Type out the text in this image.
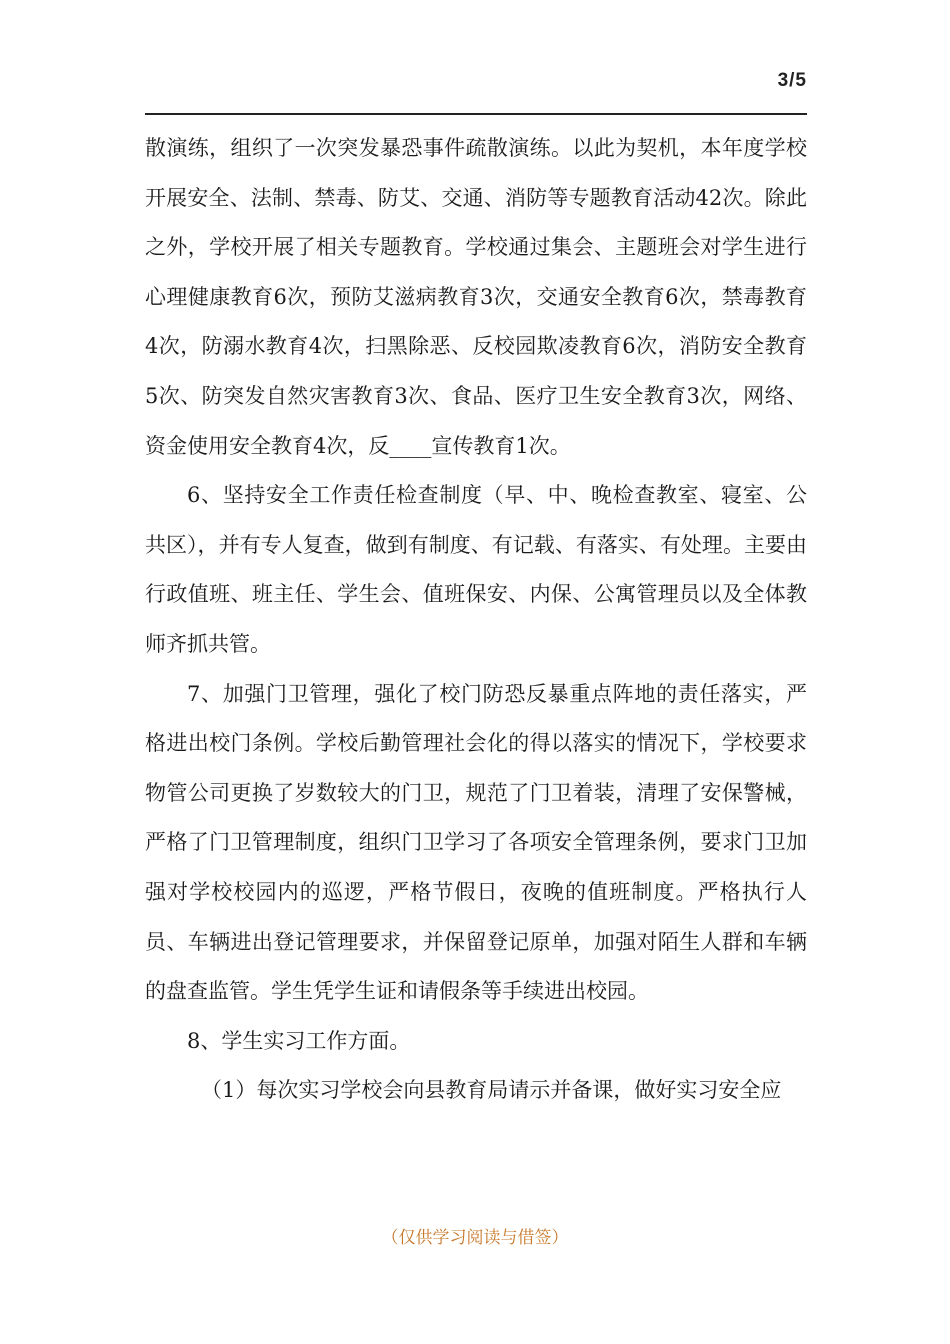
3/5

散演练，组织了一次突发暴恐事件疏散演练。以此为契机，本年度学校开展安全、法制、禁毒、防艾、交通、消防等专题教育活动42次。除此之外，学校开展了相关专题教育。学校通过集会、主题班会对学生进行心理健康教育6次，预防艾滋病教育3次，交通安全教育6次，禁毒教育4次，防溺水教育4次，扫黑除恶、反校园欺凌教育6次，消防安全教育5次、防突发自然灾害教育3次、食品、医疗卫生安全教育3次，网络、资金使用安全教育4次，反____宣传教育1次。

6、坚持安全工作责任检查制度（早、中、晚检查教室、寝室、公共区），并有专人复查，做到有制度、有记载、有落实、有处理。主要由行政值班、班主任、学生会、值班保安、内保、公寓管理员以及全体教师齐抓共管。

7、加强门卫管理，强化了校门防恐反暴重点阵地的责任落实，严格进出校门条例。学校后勤管理社会化的得以落实的情况下，学校要求物管公司更换了岁数较大的门卫，规范了门卫着装，清理了安保警械，严格了门卫管理制度，组织门卫学习了各项安全管理条例，要求门卫加强对学校校园内的巡逻，严格节假日，夜晚的值班制度。严格执行人员、车辆进出登记管理要求，并保留登记原单，加强对陌生人群和车辆的盘查监管。学生凭学生证和请假条等手续进出校园。

8、学生实习工作方面。

（1）每次实习学校会向县教育局请示并备课，做好实习安全应

（仅供学习阅读与借签）
